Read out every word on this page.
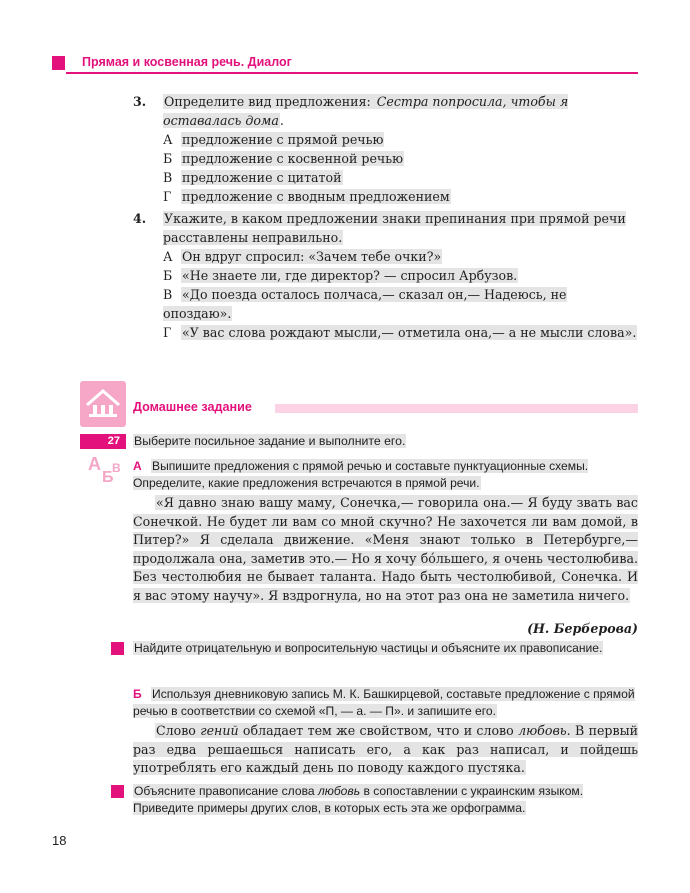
Прямая и косвенная речь. Диалог
3. Определите вид предложения: Сестра попросила, чтобы я оставалась дома.
А предложение с прямой речью
Б предложение с косвенной речью
В предложение с цитатой
Г предложение с вводным предложением
4. Укажите, в каком предложении знаки препинания при прямой речи расставлены неправильно.
А Он вдруг спросил: «Зачем тебе очки?»
Б «Не знаете ли, где директор? — спросил Арбузов.
В «До поезда осталось полчаса,— сказал он,— Надеюсь, не опоздаю».
Г «У вас слова рождают мысли,— отметила она,— а не мысли слова».
Домашнее задание
27 Выберите посильное задание и выполните его.
А
Б
В А Выпишите предложения с прямой речью и составьте пунктуационные схемы. Определите, какие предложения встречаются в прямой речи.

«Я давно знаю вашу маму, Сонечка,— говорила она.— Я буду звать вас Сонечкой. Не будет ли вам со мной скучно? Не захочется ли вам домой, в Питер?» Я сделала движение. «Меня знают только в Петербурге,— продолжала она, заметив это.— Но я хочу бо́льшего, я очень честолюбива. Без честолюбия не бывает таланта. Надо быть честолюбивой, Сонечка. И я вас этому научу». Я вздрогнула, но на этот раз она не заметила ничего.

(Н. Берберова)
Найдите отрицательную и вопросительную частицы и объясните их правописание.
Б Используя дневниковую запись М. К. Башкирцевой, составьте предложение с прямой речью в соответствии со схемой «П, — а. — П». и запишите его.

Слово гений обладает тем же свойством, что и слово любовь. В первый раз едва решаешься написать его, а как раз написал, и пойдешь употреблять его каждый день по поводу каждого пустяка.

Объясните правописание слова любовь в сопоставлении с украинским языком. Приведите примеры других слов, в которых есть эта же орфограмма.
18
